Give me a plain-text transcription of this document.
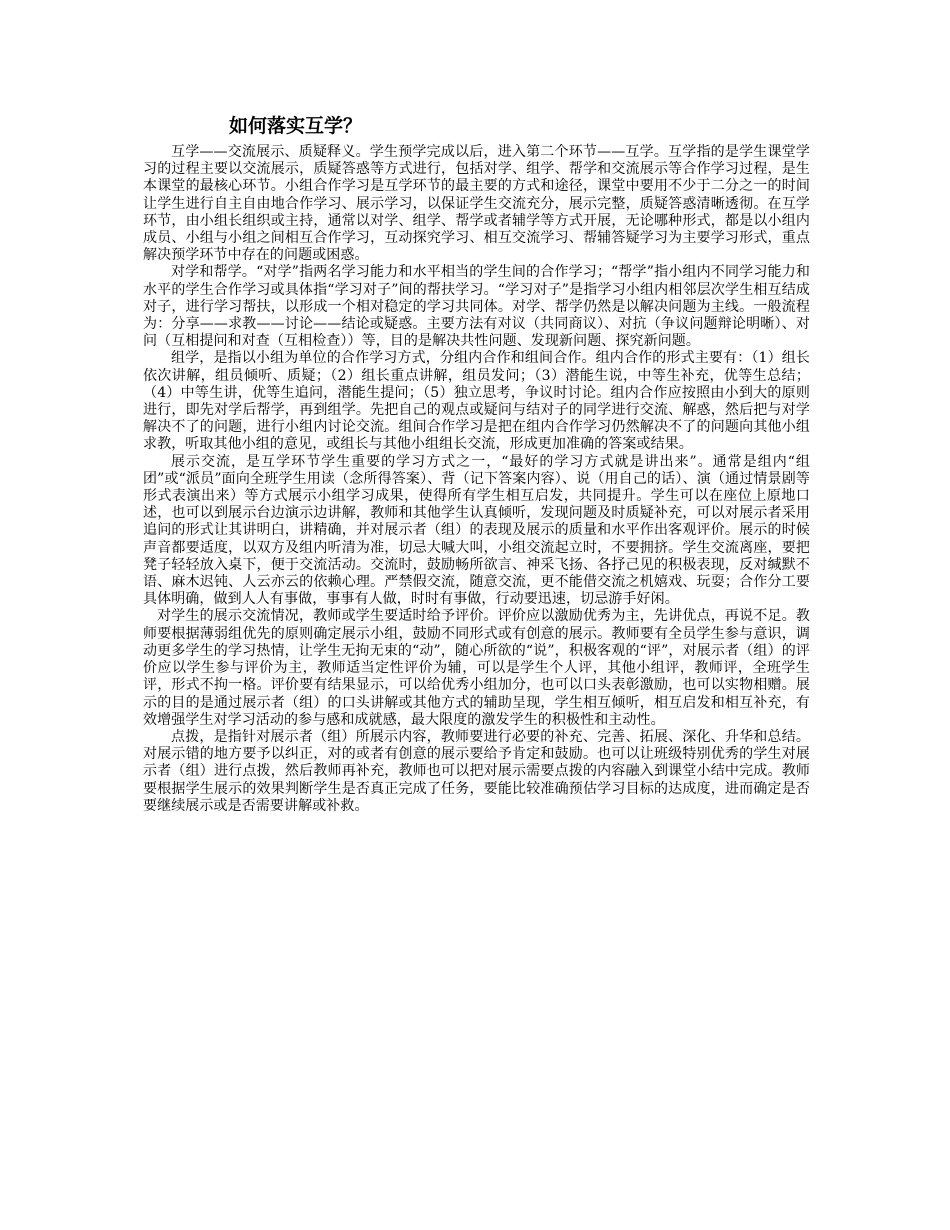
如何落实互学？

互学——交流展示、质疑释义。学生预学完成以后，进入第二个环节——互学。互学指的是学生课堂学习的过程主要以交流展示，质疑答惑等方式进行，包括对学、组学、帮学和交流展示等合作学习过程，是生本课堂的最核心环节。小组合作学习是互学环节的最主要的方式和途径，课堂中要用不少于二分之一的时间让学生进行自主自由地合作学习、展示学习，以保证学生交流充分，展示完整，质疑答惑清晰透彻。在互学环节，由小组长组织或主持，通常以对学、组学、帮学或者辅学等方式开展，无论哪种形式，都是以小组内成员、小组与小组之间相互合作学习，互动探究学习、相互交流学习、帮辅答疑学习为主要学习形式，重点解决预学环节中存在的问题或困惑。

对学和帮学。“对学”指两名学习能力和水平相当的学生间的合作学习；“帮学”指小组内不同学习能力和水平的学生合作学习或具体指“学习对子”间的帮扶学习。“学习对子”是指学习小组内相邻层次学生相互结成对子，进行学习帮扶，以形成一个相对稳定的学习共同体。对学、帮学仍然是以解决问题为主线。一般流程为：分享——求教——讨论——结论或疑惑。主要方法有对议（共同商议）、对抗（争议问题辩论明晰）、对问（互相提问和对查（互相检查））等，目的是解决共性问题、发现新问题、探究新问题。

组学，是指以小组为单位的合作学习方式，分组内合作和组间合作。组内合作的形式主要有：（1）组长依次讲解，组员倾听、质疑；（2）组长重点讲解，组员发问；（3）潜能生说，中等生补充，优等生总结；（4）中等生讲，优等生追问，潜能生提问；（5）独立思考，争议时讨论。组内合作应按照由小到大的原则进行，即先对学后帮学，再到组学。先把自己的观点或疑问与结对子的同学进行交流、解惑，然后把与对学解决不了的问题，进行小组内讨论交流。组间合作学习是把在组内合作学习仍然解决不了的问题向其他小组求教，听取其他小组的意见，或组长与其他小组组长交流，形成更加准确的答案或结果。

展示交流，是互学环节学生重要的学习方式之一，“最好的学习方式就是讲出来”。通常是组内“组团”或“派员”面向全班学生用读（念所得答案）、背（记下答案内容）、说（用自己的话）、演（通过情景剧等形式表演出来）等方式展示小组学习成果，使得所有学生相互启发，共同提升。学生可以在座位上原地口述，也可以到展示台边演示边讲解，教师和其他学生认真倾听，发现问题及时质疑补充，可以对展示者采用追问的形式让其讲明白，讲精确，并对展示者（组）的表现及展示的质量和水平作出客观评价。展示的时候声音都要适度，以双方及组内听清为准，切忌大喊大叫，小组交流起立时，不要拥挤。学生交流离座，要把凳子轻轻放入桌下，便于交流活动。交流时，鼓励畅所欲言、神采飞扬、各抒己见的积极表现，反对缄默不语、麻木迟钝、人云亦云的依赖心理。严禁假交流，随意交流，更不能借交流之机嬉戏、玩耍；合作分工要具体明确，做到人人有事做，事事有人做，时时有事做，行动要迅速，切忌游手好闲。

对学生的展示交流情况，教师或学生要适时给予评价。评价应以激励优秀为主，先讲优点，再说不足。教师要根据薄弱组优先的原则确定展示小组，鼓励不同形式或有创意的展示。教师要有全员学生参与意识，调动更多学生的学习热情，让学生无拘无束的“动”，随心所欲的“说”，积极客观的“评”，对展示者（组）的评价应以学生参与评价为主，教师适当定性评价为辅，可以是学生个人评，其他小组评，教师评，全班学生评，形式不拘一格。评价要有结果显示，可以给优秀小组加分，也可以口头表彰激励，也可以实物相赠。展示的目的是通过展示者（组）的口头讲解或其他方式的辅助呈现，学生相互倾听，相互启发和相互补充，有效增强学生对学习活动的参与感和成就感，最大限度的激发学生的积极性和主动性。

点拨，是指针对展示者（组）所展示内容，教师要进行必要的补充、完善、拓展、深化、升华和总结。对展示错的地方要予以纠正，对的或者有创意的展示要给予肯定和鼓励。也可以让班级特别优秀的学生对展示者（组）进行点拨，然后教师再补充，教师也可以把对展示需要点拨的内容融入到课堂小结中完成。教师要根据学生展示的效果判断学生是否真正完成了任务，要能比较准确预估学习目标的达成度，进而确定是否要继续展示或是否需要讲解或补救。
